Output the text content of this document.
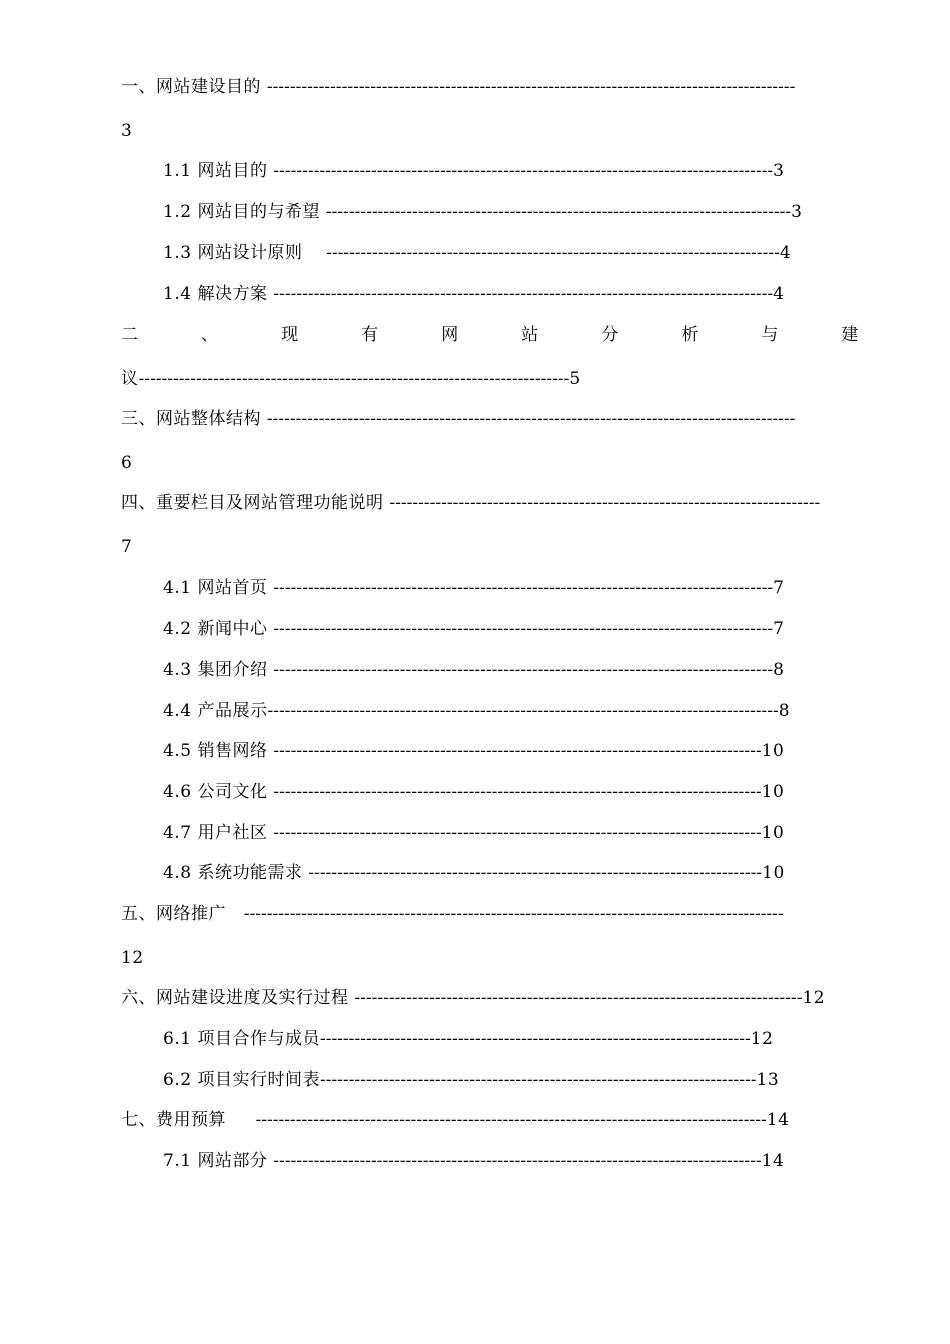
一、网站建设目的 --------------------------------------------------------------------------------------------
3
1.1 网站目的 ---------------------------------------------------------------------------------------3
1.2 网站目的与希望 ---------------------------------------------------------------------------------3
1.3 网站设计原则 -------------------------------------------------------------------------------4
1.4 解决方案 ---------------------------------------------------------------------------------------4
二	、	现	有	网	站	分	析	与	建
议---------------------------------------------------------------------------5
三、网站整体结构 --------------------------------------------------------------------------------------------
6
四、重要栏目及网站管理功能说明 ---------------------------------------------------------------------------
7
4.1 网站首页 ---------------------------------------------------------------------------------------7
4.2 新闻中心 ---------------------------------------------------------------------------------------7
4.3 集团介绍 ---------------------------------------------------------------------------------------8
4.4 产品展示-----------------------------------------------------------------------------------------8
4.5 销售网络 -------------------------------------------------------------------------------------10
4.6 公司文化 -------------------------------------------------------------------------------------10
4.7 用户社区 -------------------------------------------------------------------------------------10
4.8 系统功能需求 -------------------------------------------------------------------------------10
五、网络推广 ----------------------------------------------------------------------------------------------
12
六、网站建设进度及实行过程 ------------------------------------------------------------------------------12
6.1 项目合作与成员---------------------------------------------------------------------------12
6.2 项目实行时间表----------------------------------------------------------------------------13
七、费用预算 -----------------------------------------------------------------------------------------14
7.1 网站部分 -------------------------------------------------------------------------------------14
